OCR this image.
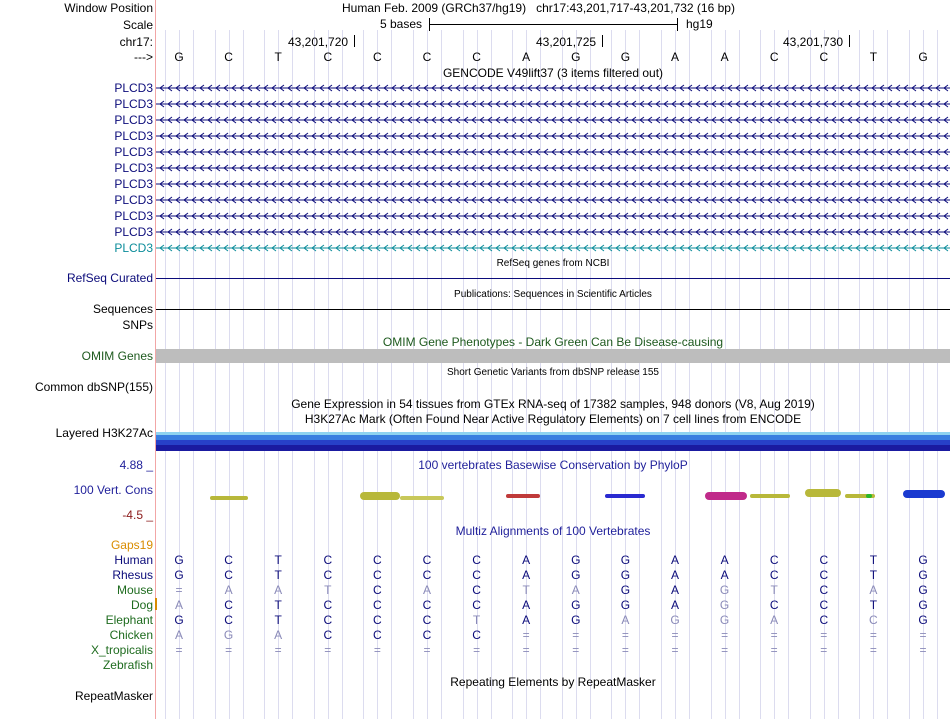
Window Position	Human Feb. 2009 (GRCh37/hg19) chr17:43,201,717-43,201,732 (16 bp)
Scale	5 bases	hg19
chr17:	43,201,720	43,201,725	43,201,730
--->	G	C	T	C	C	C	C	A	G	G	A	A	C	C	T	G
GENCODE V49lift37 (3 items filtered out)
PLCD3
PLCD3
PLCD3
PLCD3
PLCD3
PLCD3
PLCD3
PLCD3
PLCD3
PLCD3
PLCD3
RefSeq genes from NCBI
RefSeq Curated
Publications: Sequences in Scientific Articles
Sequences
SNPs
OMIM Gene Phenotypes - Dark Green Can Be Disease-causing
OMIM Genes
Short Genetic Variants from dbSNP release 155
Common dbSNP(155)
Gene Expression in 54 tissues from GTEx RNA-seq of 17382 samples, 948 donors (V8, Aug 2019)
H3K27Ac Mark (Often Found Near Active Regulatory Elements) on 7 cell lines from ENCODE
Layered H3K27Ac
4.88 _	100 vertebrates Basewise Conservation by PhyloP
100 Vert. Cons
-4.5 _
Multiz Alignments of 100 Vertebrates
Gaps19
Human	G	C	T	C	C	C	C	A	G	G	A	A	C	C	T	G
Rhesus	G	C	T	C	C	C	C	A	G	G	A	A	C	C	T	G
Mouse	=	A	A	T	C	A	C	T	A	G	A	G	T	C	A	G
Dog	A	C	T	C	C	C	C	A	G	G	A	G	C	C	T	G
Elephant	G	C	T	C	C	C	T	A	G	A	G	G	A	C	C	G
Chicken	A	G	A	C	C	C	C	=	=	=	=	=	=	=	=	=
X_tropicalis	=	=	=	=	=	=	=	=	=	=	=	=	=	=	=	=
Zebrafish
Repeating Elements by RepeatMasker
RepeatMasker
